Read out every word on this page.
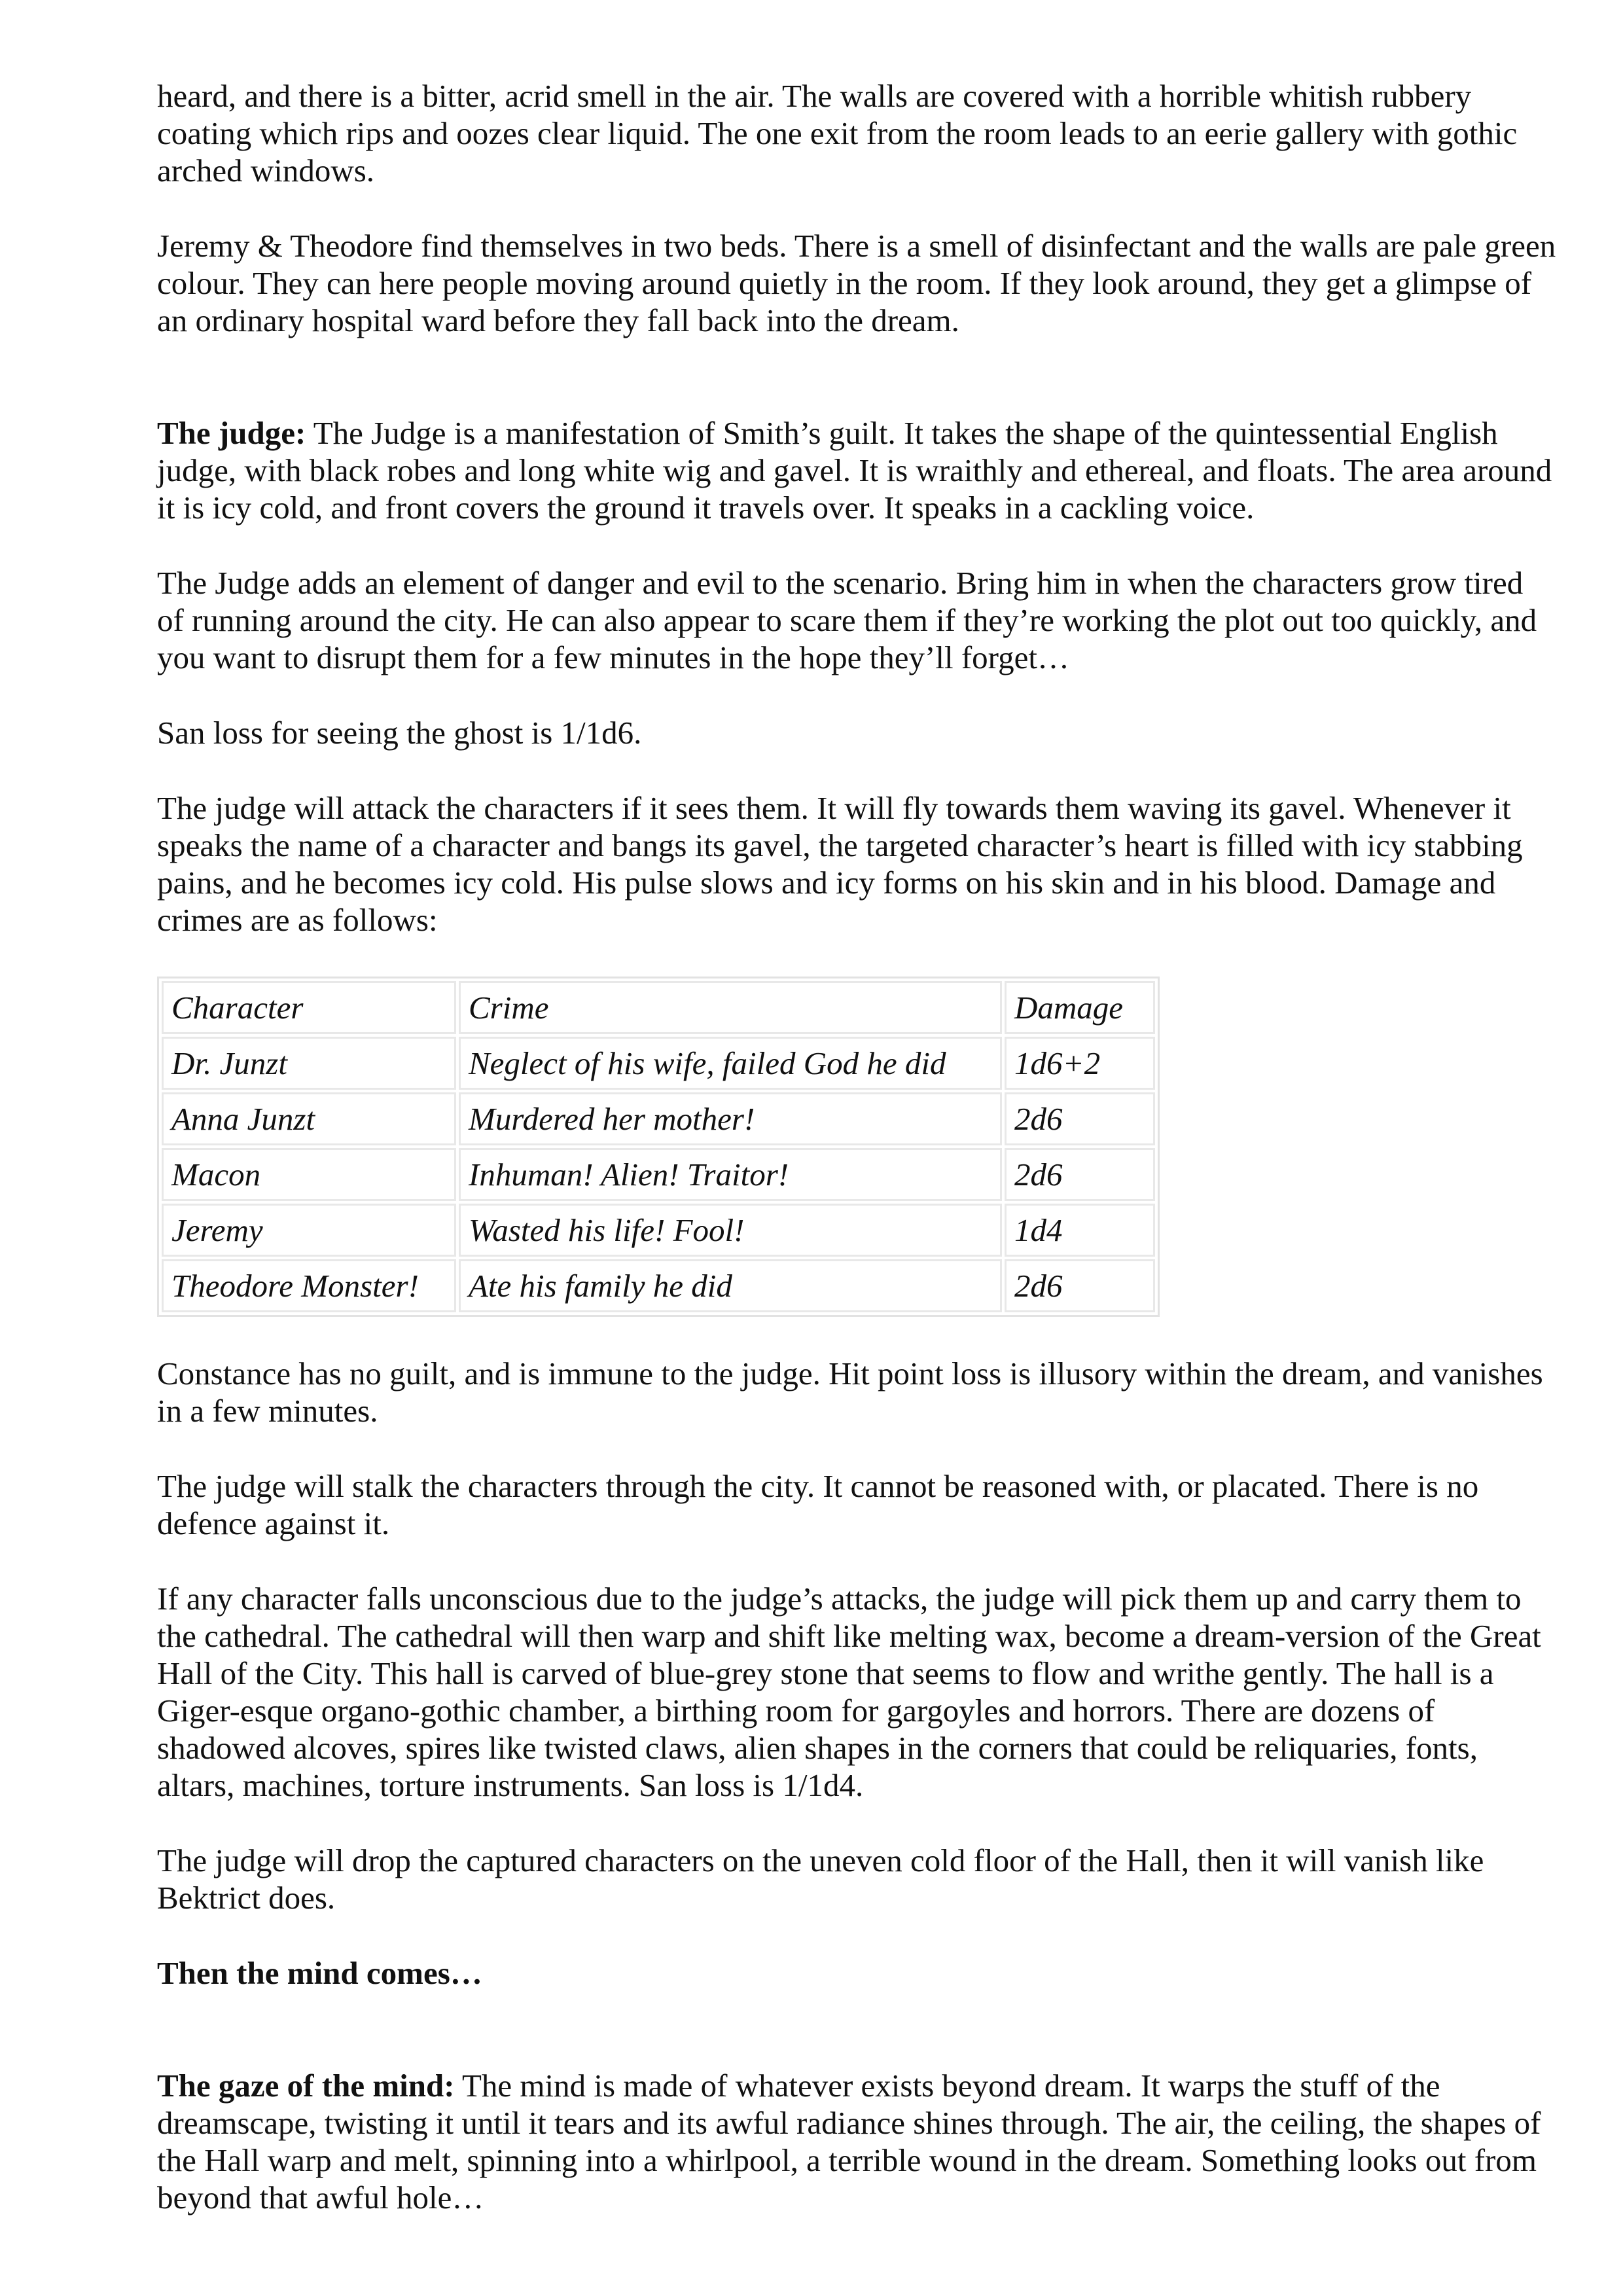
heard, and there is a bitter, acrid smell in the air. The walls are covered with a horrible whitish rubbery coating which rips and oozes clear liquid. The one exit from the room leads to an eerie gallery with gothic arched windows.

Jeremy & Theodore find themselves in two beds. There is a smell of disinfectant and the walls are pale green colour. They can here people moving around quietly in the room. If they look around, they get a glimpse of an ordinary hospital ward before they fall back into the dream.

The judge: The Judge is a manifestation of Smith’s guilt. It takes the shape of the quintessential English judge, with black robes and long white wig and gavel. It is wraithly and ethereal, and floats. The area around it is icy cold, and front covers the ground it travels over. It speaks in a cackling voice.

The Judge adds an element of danger and evil to the scenario. Bring him in when the characters grow tired of running around the city. He can also appear to scare them if they’re working the plot out too quickly, and you want to disrupt them for a few minutes in the hope they’ll forget…

San loss for seeing the ghost is 1/1d6.

The judge will attack the characters if it sees them. It will fly towards them waving its gavel. Whenever it speaks the name of a character and bangs its gavel, the targeted character’s heart is filled with icy stabbing pains, and he becomes icy cold. His pulse slows and icy forms on his skin and in his blood. Damage and crimes are as follows:

Character	Crime	Damage
Dr. Junzt	Neglect of his wife, failed God he did	1d6+2
Anna Junzt	Murdered her mother!	2d6
Macon	Inhuman! Alien! Traitor!	2d6
Jeremy	Wasted his life! Fool!	1d4
Theodore Monster!	Ate his family he did	2d6

Constance has no guilt, and is immune to the judge. Hit point loss is illusory within the dream, and vanishes in a few minutes.

The judge will stalk the characters through the city. It cannot be reasoned with, or placated. There is no defence against it.

If any character falls unconscious due to the judge’s attacks, the judge will pick them up and carry them to the cathedral. The cathedral will then warp and shift like melting wax, become a dream-version of the Great Hall of the City. This hall is carved of blue-grey stone that seems to flow and writhe gently. The hall is a Giger-esque organo-gothic chamber, a birthing room for gargoyles and horrors. There are dozens of shadowed alcoves, spires like twisted claws, alien shapes in the corners that could be reliquaries, fonts, altars, machines, torture instruments. San loss is 1/1d4.

The judge will drop the captured characters on the uneven cold floor of the Hall, then it will vanish like Bektrict does.

Then the mind comes…

The gaze of the mind: The mind is made of whatever exists beyond dream. It warps the stuff of the dreamscape, twisting it until it tears and its awful radiance shines through. The air, the ceiling, the shapes of the Hall warp and melt, spinning into a whirlpool, a terrible wound in the dream. Something looks out from beyond that awful hole…
